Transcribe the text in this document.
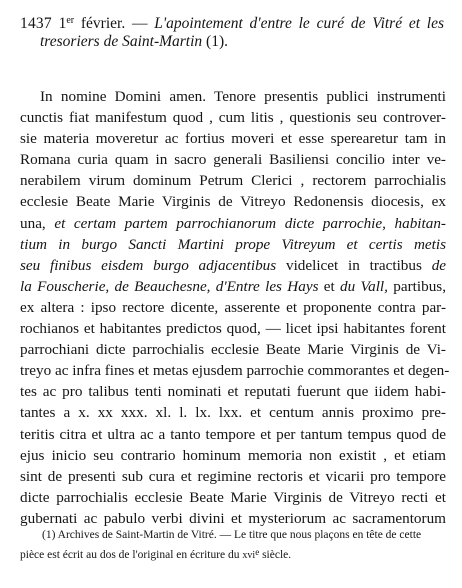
1437 1er février. — L'apointement d'entre le curé de Vitré et les
tresoriers de Saint-Martin (1).
In nomine Domini amen. Tenore presentis publici instrumenti
cunctis fiat manifestum quod , cum litis , questionis seu controver-
sie materia moveretur ac fortius moveri et esse sperearetur tam in
Romana curia quam in sacro generali Basiliensi concilio inter ve-
nerabilem virum dominum Petrum Clerici , rectorem parrochialis
ecclesie Beate Marie Virginis de Vitreyo Redonensis diocesis, ex
una, et certam partem parrochianorum dicte parrochie, habitan-
tium in burgo Sancti Martini prope Vitreyum et certis metis
seu finibus eisdem burgo adjacentibus videlicet in tractibus de
la Fouscherie, de Beauchesne, d'Entre les Hays et du Vall, partibus,
ex altera : ipso rectore dicente, asserente et proponente contra par-
rochianos et habitantes predictos quod, — licet ipsi habitantes forent
parrochiani dicte parrochialis ecclesie Beate Marie Virginis de Vi-
treyo ac infra fines et metas ejusdem parrochie commorantes et degen-
tes ac pro talibus tenti nominati et reputati fuerunt que iidem habi-
tantes a x. xx xxx. xl. l. lx. lxx. et centum annis proximo pre-
teritis citra et ultra ac a tanto tempore et per tantum tempus quod de
ejus inicio seu contrario hominum memoria non existit , et etiam
sint de presenti sub cura et regimine rectoris et vicarii pro tempore
dicte parrochialis ecclesie Beate Marie Virginis de Vitreyo recti et
gubernati ac pabulo verbi divini et mysteriorum ac sacramentorum
(1) Archives de Saint-Martin de Vitré. — Le titre que nous plaçons en tête de cette
pièce est écrit au dos de l'original en écriture du xvi$^e$ siècle.
